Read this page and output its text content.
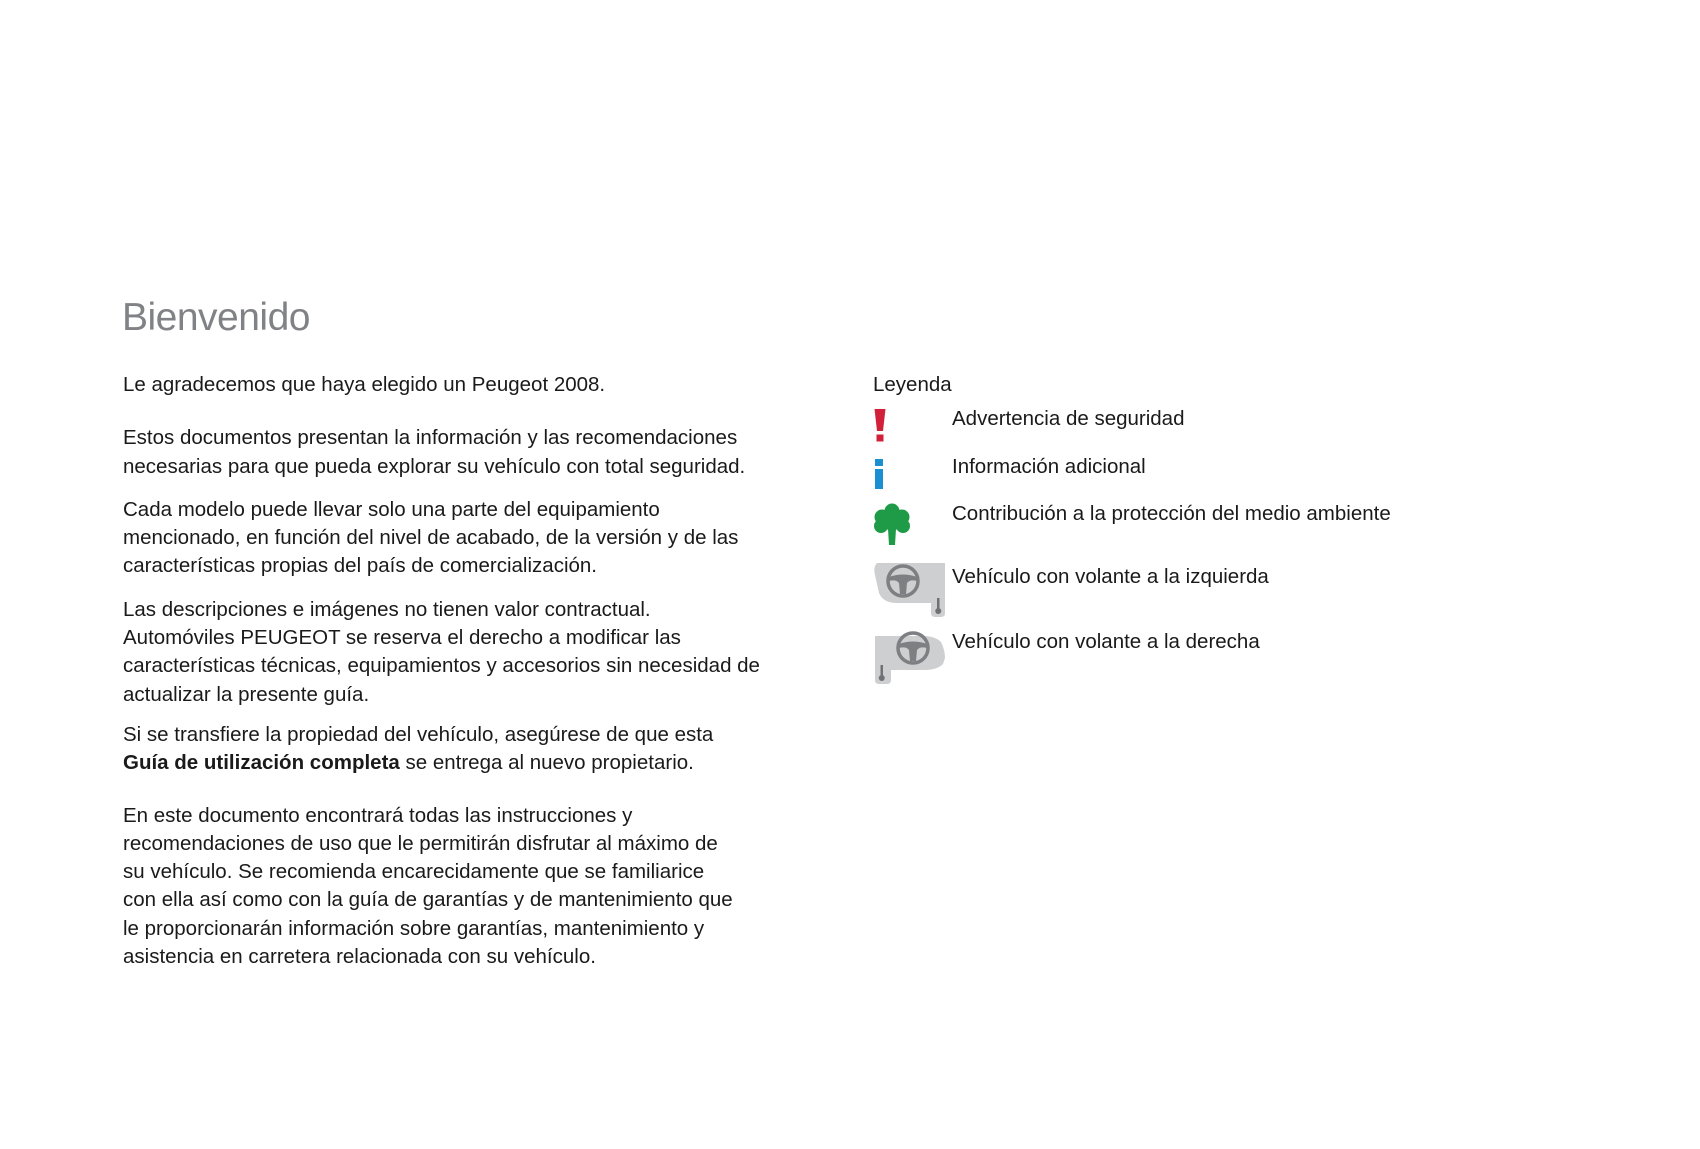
Bienvenido

Le agradecemos que haya elegido un Peugeot 2008.

Estos documentos presentan la información y las recomendaciones
necesarias para que pueda explorar su vehículo con total seguridad.

Cada modelo puede llevar solo una parte del equipamiento
mencionado, en función del nivel de acabado, de la versión y de las
características propias del país de comercialización.

Las descripciones e imágenes no tienen valor contractual.
Automóviles PEUGEOT se reserva el derecho a modificar las
características técnicas, equipamientos y accesorios sin necesidad de
actualizar la presente guía.

Si se transfiere la propiedad del vehículo, asegúrese de que esta
Guía de utilización completa se entrega al nuevo propietario.

En este documento encontrará todas las instrucciones y
recomendaciones de uso que le permitirán disfrutar al máximo de
su vehículo. Se recomienda encarecidamente que se familiarice
con ella así como con la guía de garantías y de mantenimiento que
le proporcionarán información sobre garantías, mantenimiento y
asistencia en carretera relacionada con su vehículo.

Leyenda

Advertencia de seguridad
Información adicional
Contribución a la protección del medio ambiente
Vehículo con volante a la izquierda
Vehículo con volante a la derecha
